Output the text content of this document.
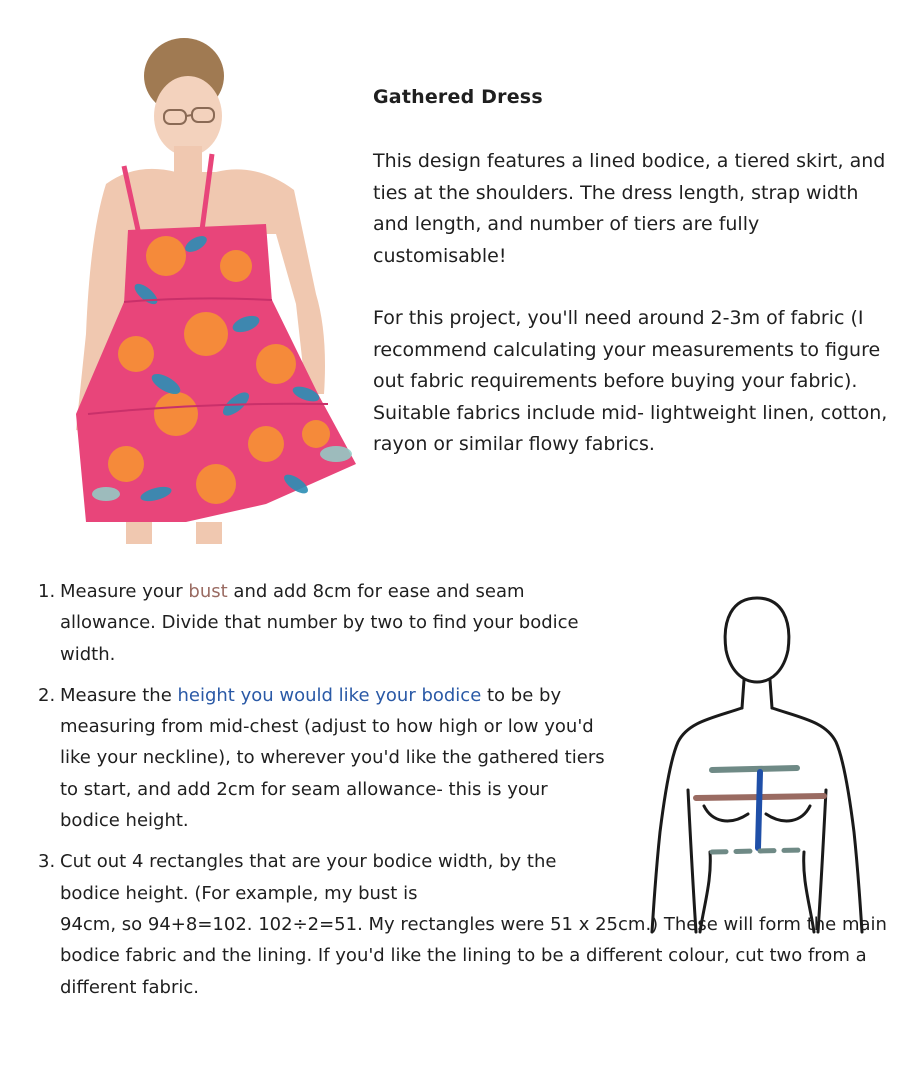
Gathered Dress

This design features a lined bodice, a tiered skirt, and ties at the shoulders. The dress length, strap width and length, and number of tiers are fully customisable!

For this project, you'll need around 2-3m of fabric (I recommend calculating your measurements to figure out fabric requirements before buying your fabric). Suitable fabrics include mid- lightweight linen, cotton, rayon or similar flowy fabrics.

1. Measure your bust and add 8cm for ease and seam allowance. Divide that number by two to find your bodice width.
2. Measure the height you would like your bodice to be by measuring from mid-chest (adjust to how high or low you'd like your neckline), to wherever you'd like the gathered tiers to start, and add 2cm for seam allowance- this is your bodice height.
3. Cut out 4 rectangles that are your bodice width, by the bodice height. (For example, my bust is
94cm, so 94+8=102. 102÷2=51. My rectangles were 51 x 25cm.) These will form the main bodice fabric and the lining. If you'd like the lining to be a different colour, cut two from a different fabric.
